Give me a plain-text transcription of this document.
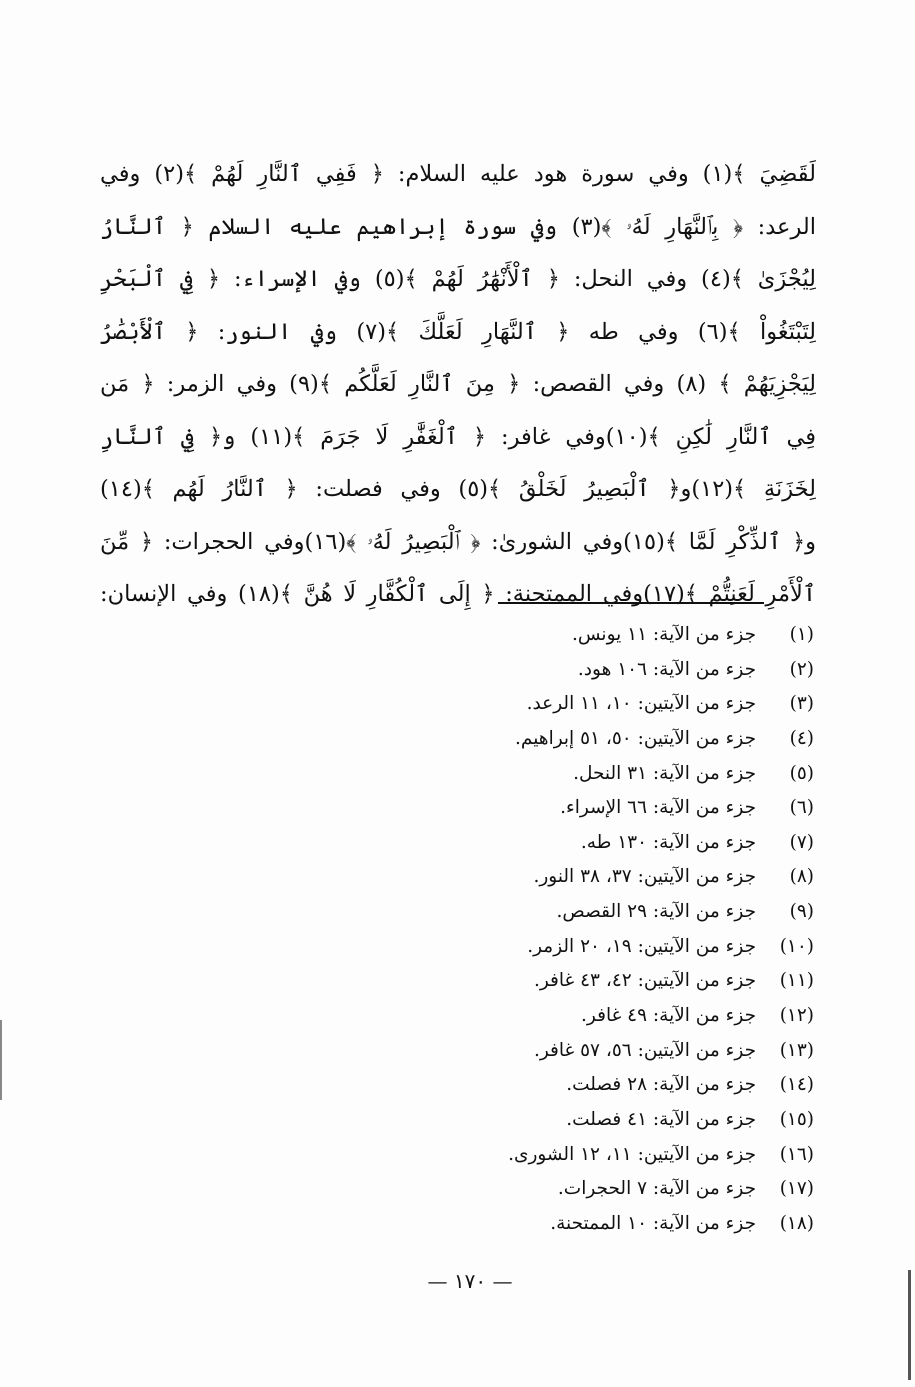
لَقَضِيَ ﴾(١) وفي سورة هود عليه السلام: ﴿ فَفِي ٱلنَّارِ لَهُمْ ﴾(٢) وفي
الرعد: ﴿ بِٱلنَّهَارِ لَهُۥ ﴾(٣) وفي سورة إبراهيم عليه السلام ﴿ ٱلنَّارُ
لِيُجْزَىٰ ﴾(٤) وفي النحل: ﴿ ٱلْأَنْهَٰرُ لَهُمْ ﴾(٥) وفي الإسراء: ﴿ فِي ٱلْبَحْرِ
لِتَبْتَغُواْ ﴾(٦) وفي طه ﴿ ٱلنَّهَارِ لَعَلَّكَ ﴾(٧) وفي النور: ﴿ ٱلْأَبْصَٰرُ
لِيَجْزِيَهُمْ ﴾ (٨) وفي القصص: ﴿ مِنَ ٱلنَّارِ لَعَلَّكُم ﴾(٩) وفي الزمر: ﴿ مَن
فِي ٱلنَّارِ لَٰكِنِ ﴾(١٠)وفي غافر: ﴿ ٱلْغَفَّٰرِ لَا جَرَمَ ﴾(١١) و﴿ فِي ٱلنَّارِ
لِخَزَنَةِ ﴾(١٢)و﴿ ٱلْبَصِيرُ لَخَلْقُ ﴾(٥) وفي فصلت: ﴿ ٱلنَّارُ لَهُم ﴾(١٤)
و﴿ ٱلذِّكْرِ لَمَّا ﴾(١٥)وفي الشورىٰ: ﴿ ٱلْبَصِيرُ لَهُۥ ﴾(١٦)وفي الحجرات: ﴿ مِّنَ
ٱلْأَمْرِ لَعَنِتُّمْ ﴾(١٧)وفي الممتحنة: ﴿ إِلَى ٱلْكُفَّارِ لَا هُنَّ ﴾(١٨) وفي الإنسان:
(١)جزء من الآية: ١١ يونس.
(٢)جزء من الآية: ١٠٦ هود.
(٣)جزء من الآيتين: ١٠، ١١ الرعد.
(٤)جزء من الآيتين: ٥٠، ٥١ إبراهيم.
(٥)جزء من الآية: ٣١ النحل.
(٦)جزء من الآية: ٦٦ الإسراء.
(٧)جزء من الآية: ١٣٠ طه.
(٨)جزء من الآيتين: ٣٧، ٣٨ النور.
(٩)جزء من الآية: ٢٩ القصص.
(١٠)جزء من الآيتين: ١٩، ٢٠ الزمر.
(١١)جزء من الآيتين: ٤٢، ٤٣ غافر.
(١٢)جزء من الآية: ٤٩ غافر.
(١٣)جزء من الآيتين: ٥٦، ٥٧ غافر.
(١٤)جزء من الآية: ٢٨ فصلت.
(١٥)جزء من الآية: ٤١ فصلت.
(١٦)جزء من الآيتين: ١١، ١٢ الشورى.
(١٧)جزء من الآية: ٧ الحجرات.
(١٨)جزء من الآية: ١٠ الممتحنة.
— ١٧٠ —
